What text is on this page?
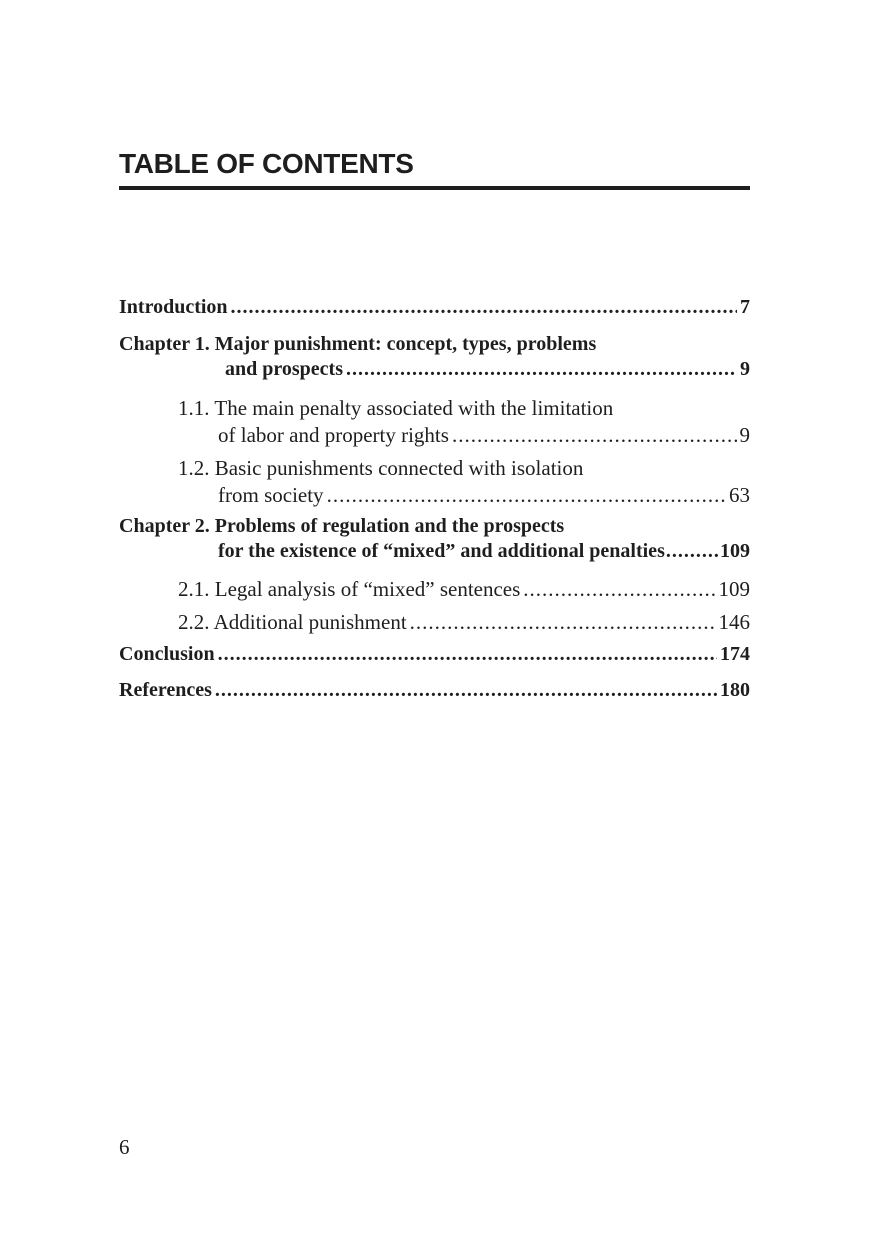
TABLE OF CONTENTS
Introduction .....	7
Chapter 1. Major punishment: concept, types, problems
and prospects .....	9
1.1. The main penalty associated with the limitation
of labor and property rights .....	9
1.2. Basic punishments connected with isolation
from society .....	63
Chapter 2. Problems of regulation and the prospects
for the existence of “mixed” and additional penalties .....	109
2.1. Legal analysis of “mixed” sentences .....	109
2.2. Additional punishment .....	146
Conclusion .....	174
References .....	180
6
